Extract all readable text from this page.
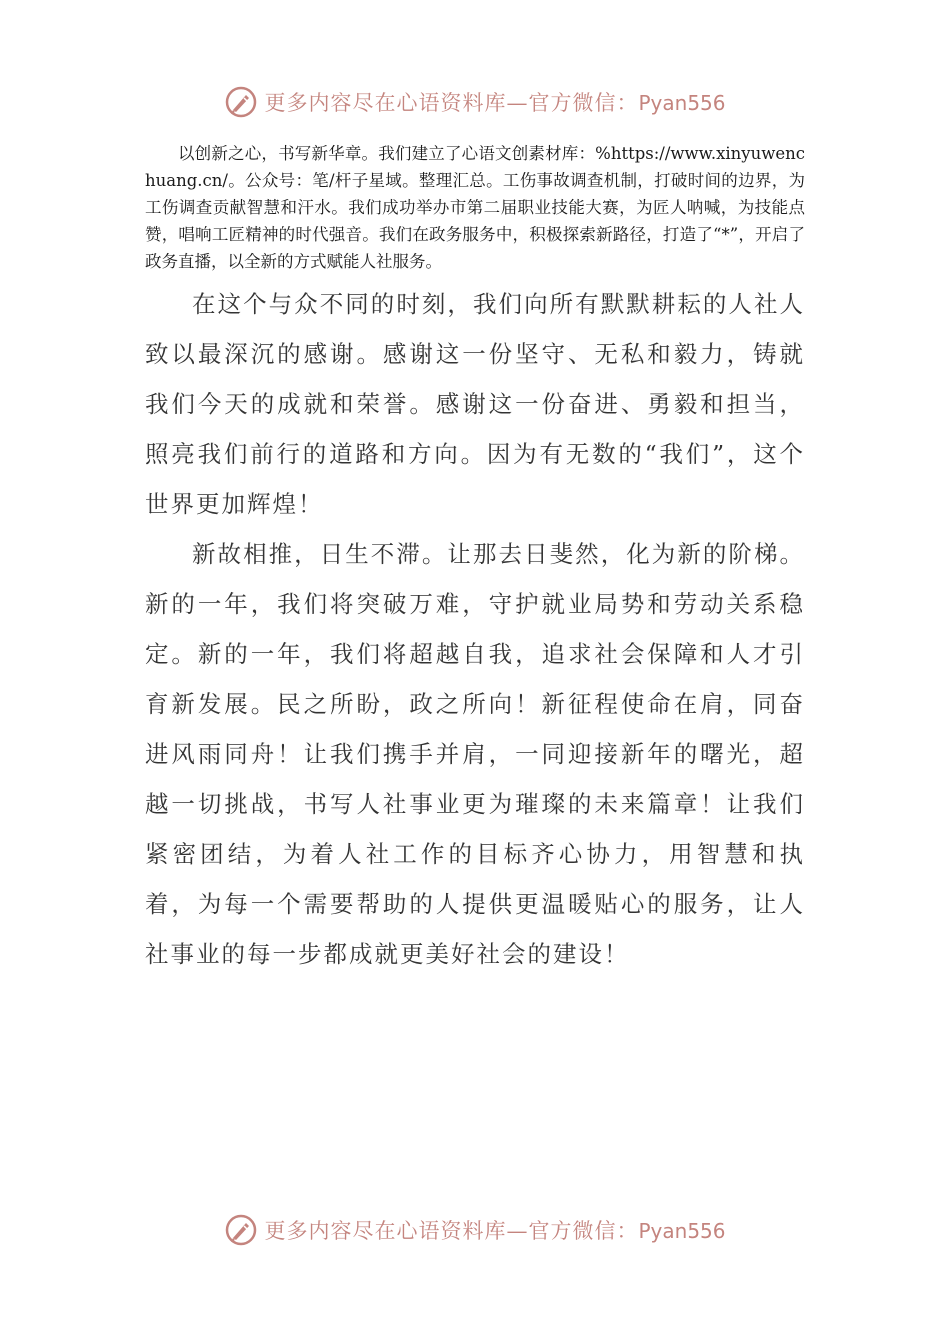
更多内容尽在心语资料库—官方微信：Pyan556

以创新之心，书写新华章。我们建立了心语文创素材库：%https://www.xinyuwenchuang.cn/。公众号：笔/杆子星域。整理汇总。工伤事故调查机制，打破时间的边界，为工伤调查贡献智慧和汗水。我们成功举办市第二届职业技能大赛，为匠人呐喊，为技能点赞，唱响工匠精神的时代强音。我们在政务服务中，积极探索新路径，打造了“*”，开启了政务直播，以全新的方式赋能人社服务。

在这个与众不同的时刻，我们向所有默默耕耘的人社人致以最深沉的感谢。感谢这一份坚守、无私和毅力，铸就我们今天的成就和荣誉。感谢这一份奋进、勇毅和担当，照亮我们前行的道路和方向。因为有无数的“我们”，这个世界更加辉煌！

新故相推，日生不滞。让那去日斐然，化为新的阶梯。新的一年，我们将突破万难，守护就业局势和劳动关系稳定。新的一年，我们将超越自我，追求社会保障和人才引育新发展。民之所盼，政之所向！新征程使命在肩，同奋进风雨同舟！让我们携手并肩，一同迎接新年的曙光，超越一切挑战，书写人社事业更为璀璨的未来篇章！让我们紧密团结，为着人社工作的目标齐心协力，用智慧和执着，为每一个需要帮助的人提供更温暖贴心的服务，让人社事业的每一步都成就更美好社会的建设！

更多内容尽在心语资料库—官方微信：Pyan556
